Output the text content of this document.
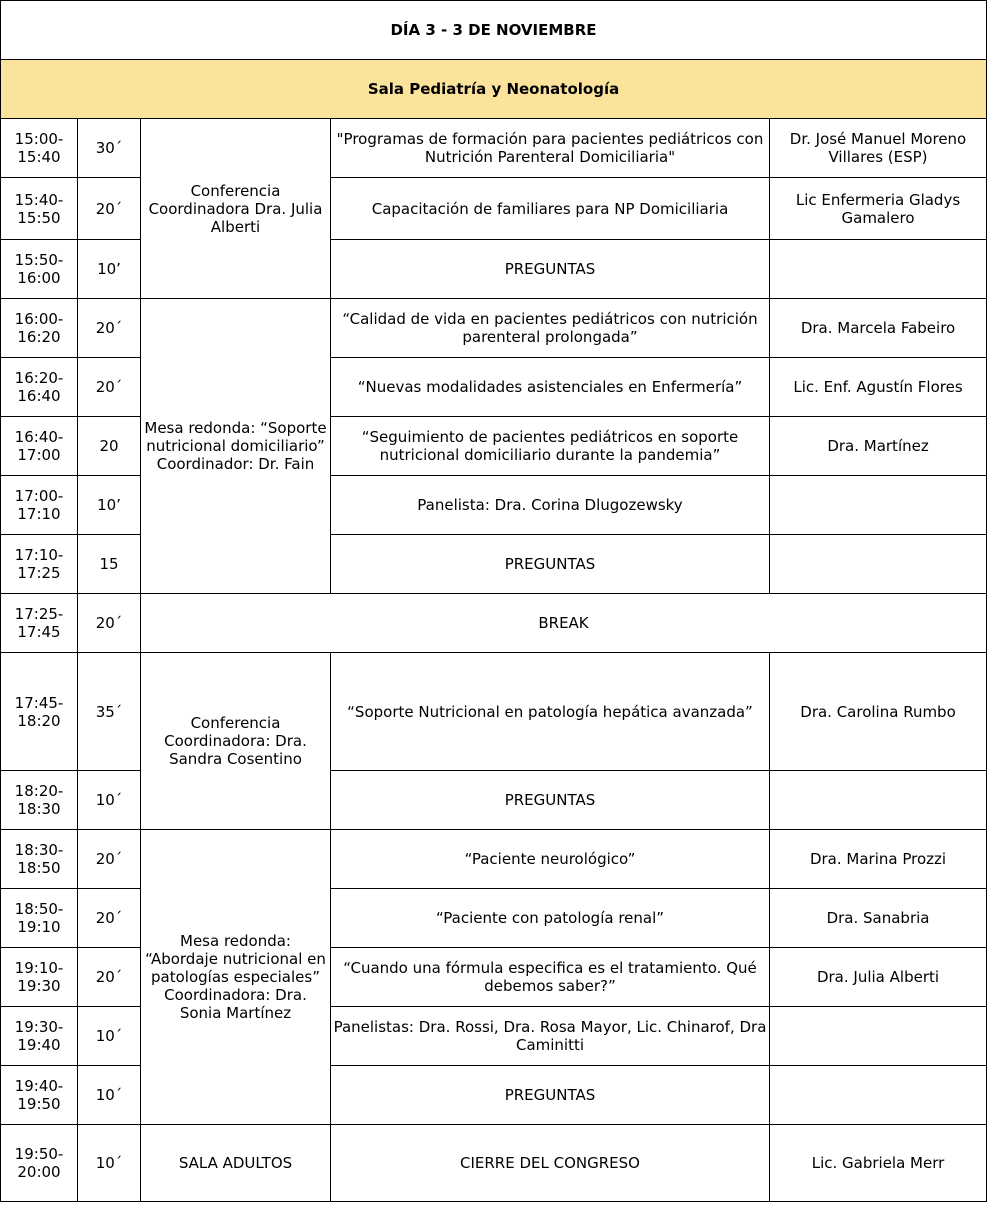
DÍA 3 - 3 DE NOVIEMBRE				
Sala Pediatría y Neonatología				
15:00-
15:40	30´	Conferencia
Coordinadora Dra. Julia
Alberti	"Programas de formación para pacientes pediátricos con Nutrición Parenteral Domiciliaria"	Dr. José Manuel Moreno Villares (ESP)
15:40-
15:50	20´		Capacitación de familiares para NP Domiciliaria	Lic Enfermeria Gladys Gamalero
15:50-
16:00	10’		PREGUNTAS	
16:00-
16:20	20´	Mesa redonda: “Soporte
nutricional domiciliario”
Coordinador: Dr. Fain	“Calidad de vida en pacientes pediátricos con nutrición parenteral prolongada”	Dra. Marcela Fabeiro
16:20-
16:40	20´		“Nuevas modalidades asistenciales en Enfermería”	Lic. Enf. Agustín Flores
16:40-
17:00	20		“Seguimiento de pacientes pediátricos en soporte nutricional domiciliario durante la pandemia”	Dra. Martínez
17:00-
17:10	10’		Panelista: Dra. Corina Dlugozewsky	
17:10-
17:25	15		PREGUNTAS	
17:25-
17:45	20´	BREAK		
17:45-
18:20	35´	Conferencia
Coordinadora: Dra.
Sandra Cosentino	“Soporte Nutricional en patología hepática avanzada”	Dra. Carolina Rumbo
18:20-
18:30	10´		PREGUNTAS	
18:30-
18:50	20´	Mesa redonda:
“Abordaje nutricional en
patologías especiales”
Coordinadora: Dra.
Sonia Martínez	“Paciente neurológico”	Dra. Marina Prozzi
18:50-
19:10	20´		“Paciente con patología renal”	Dra. Sanabria
19:10-
19:30	20´		“Cuando una fórmula especifica es el tratamiento. Qué debemos saber?”	Dra. Julia Alberti
19:30-
19:40	10´		Panelistas: Dra. Rossi, Dra. Rosa Mayor, Lic. Chinarof, Dra Caminitti	
19:40-
19:50	10´		PREGUNTAS	
19:50-
20:00	10´	SALA ADULTOS	CIERRE DEL CONGRESO	Lic. Gabriela Merr
